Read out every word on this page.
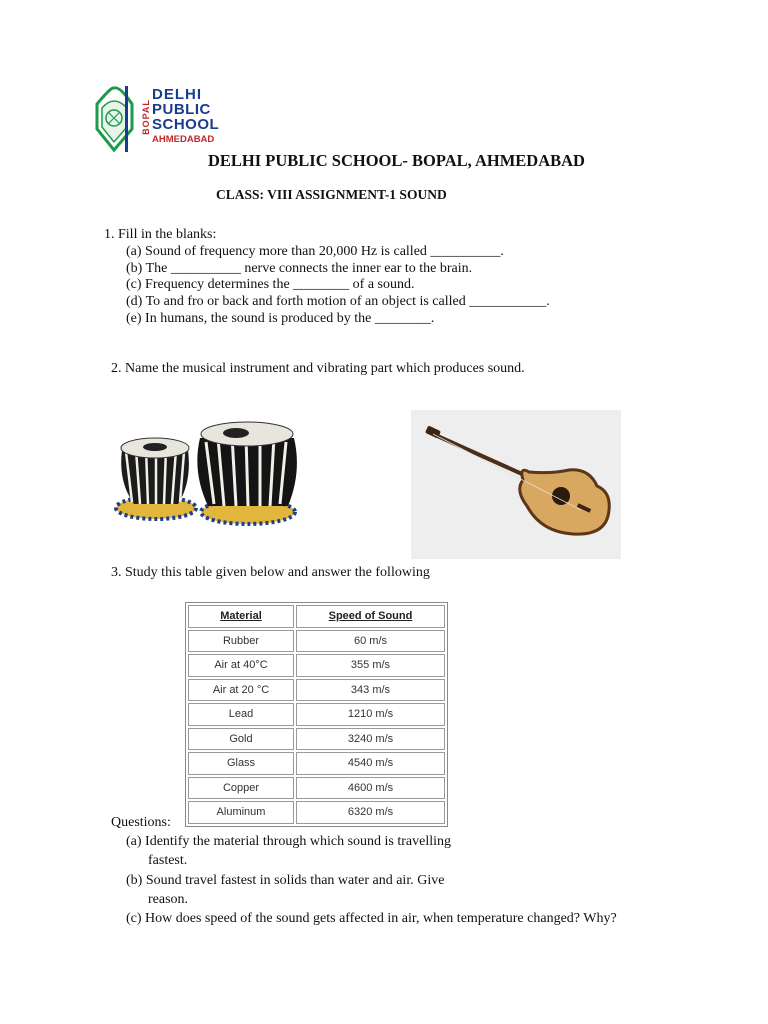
BOPAL
DELHI
PUBLIC
SCHOOL
AHMEDABAD
DELHI PUBLIC SCHOOL- BOPAL, AHMEDABAD
CLASS: VIII ASSIGNMENT-1 SOUND
1. Fill in the blanks:
(a) Sound of frequency more than 20,000 Hz is called __________.
(b) The __________ nerve connects the inner ear to the brain.
(c) Frequency determines the ________ of a sound.
(d) To and fro or back and forth motion of an object is called ___________.
(e) In humans, the sound is produced by the ________.
2. Name the musical instrument and vibrating part which produces sound.
3. Study this table given below and answer the following
Material	Speed of Sound
Rubber	60 m/s
Air at 40°C	355 m/s
Air at 20 °C	343 m/s
Lead	1210 m/s
Gold	3240 m/s
Glass	4540 m/s
Copper	4600 m/s
Aluminum	6320 m/s
Questions:
(a) Identify the material through which sound is travelling
fastest.
(b) Sound travel fastest in solids than water and air. Give
reason.
(c) How does speed of the sound gets affected in air, when temperature changed? Why?
